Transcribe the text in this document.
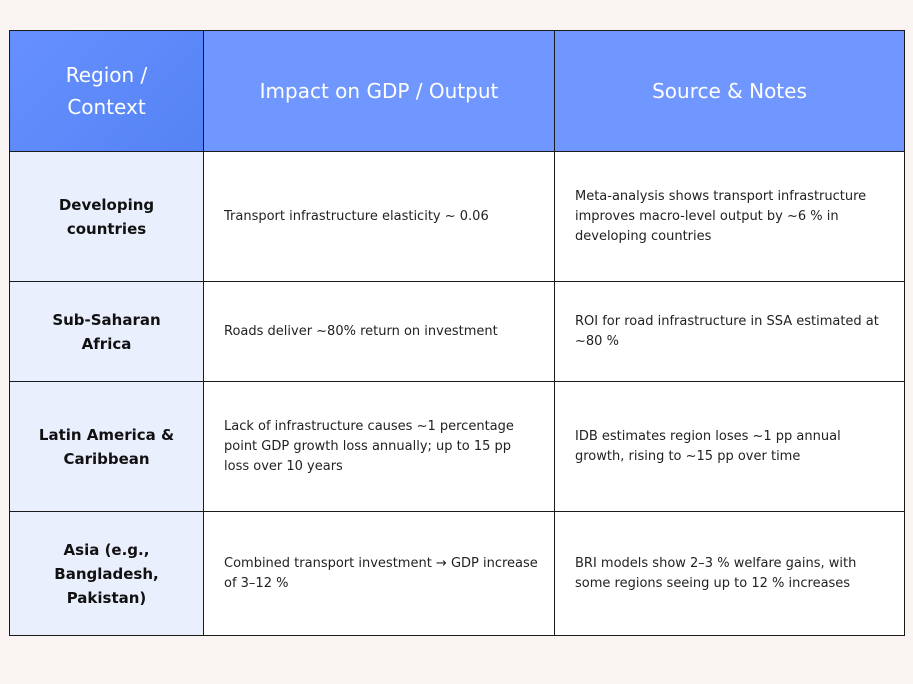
Region / Context	Impact on GDP / Output	Source & Notes
Developing countries	Transport infrastructure elasticity ~ 0.06	Meta-analysis shows transport infrastructure improves macro-level output by ~6 % in developing countries
Sub-Saharan Africa	Roads deliver ~80% return on investment	ROI for road infrastructure in SSA estimated at ~80 %
Latin America & Caribbean	Lack of infrastructure causes ~1 percentage point GDP growth loss annually; up to 15 pp loss over 10 years	IDB estimates region loses ~1 pp annual growth, rising to ~15 pp over time
Asia (e.g., Bangladesh, Pakistan)	Combined transport investment → GDP increase of 3–12 %	BRI models show 2–3 % welfare gains, with some regions seeing up to 12 % increases
